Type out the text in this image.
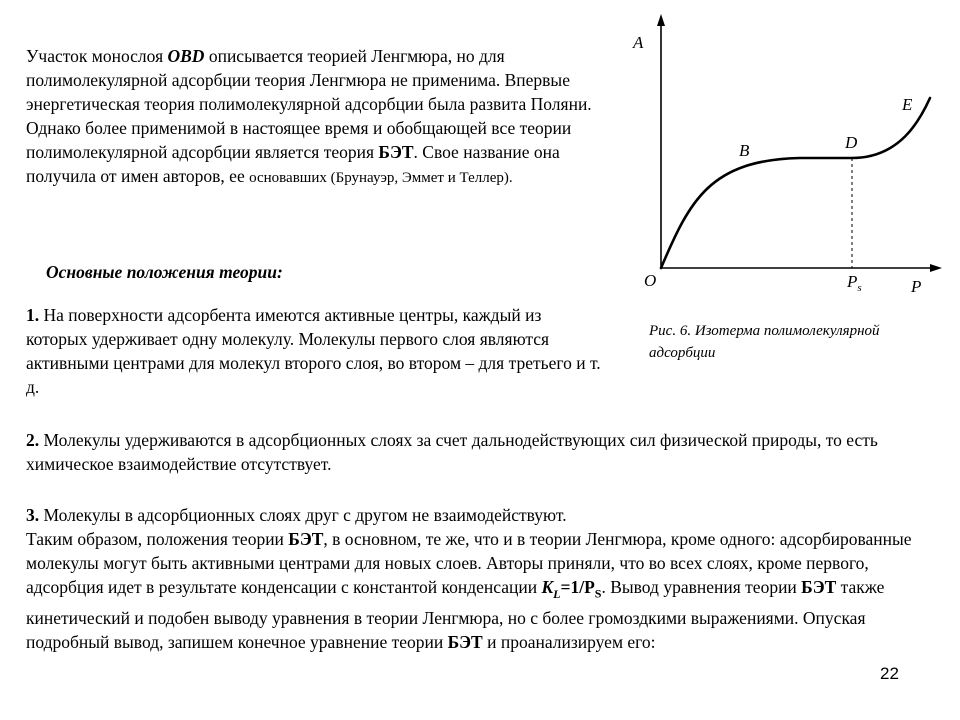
Участок монослоя OBD описывается теорией Ленгмюра, но для полимолекулярной адсорбции теория Ленгмюра не применима. Впервые энергетическая теория полимолекулярной адсорбции была развита Поляни. Однако более применимой в настоящее время и обобщающей все теории полимолекулярной адсорбции является теория БЭТ. Свое название она получила от имен авторов, ее основавших (Брунауэр, Эммет и Теллер).

Основные положения теории:

1. На поверхности адсорбента имеются активные центры, каждый из которых удерживает одну молекулу. Молекулы первого слоя являются активными центрами для молекул второго слоя, во втором – для третьего и т. д.

2. Молекулы удерживаются в адсорбционных слоях за счет дальнодействующих сил физической природы, то есть химическое взаимодействие отсутствует.

3. Молекулы в адсорбционных слоях друг с другом не взаимодействуют.
Таким образом, положения теории БЭТ, в основном, те же, что и в теории Ленгмюра, кроме одного: адсорбированные молекулы могут быть активными центрами для новых слоев. Авторы приняли, что во всех слоях, кроме первого, адсорбция идет в результате конденсации с константой конденсации $K_L=1/P_S$. Вывод уравнения теории БЭТ также кинетический и подобен выводу уравнения в теории Ленгмюра, но с более громоздкими выражениями. Опуская подробный вывод, запишем конечное уравнение теории БЭТ и проанализируем его:

A
P
O
B	D
E
$P_s$

Рис. 6. Изотерма полимолекулярной адсорбции

22
